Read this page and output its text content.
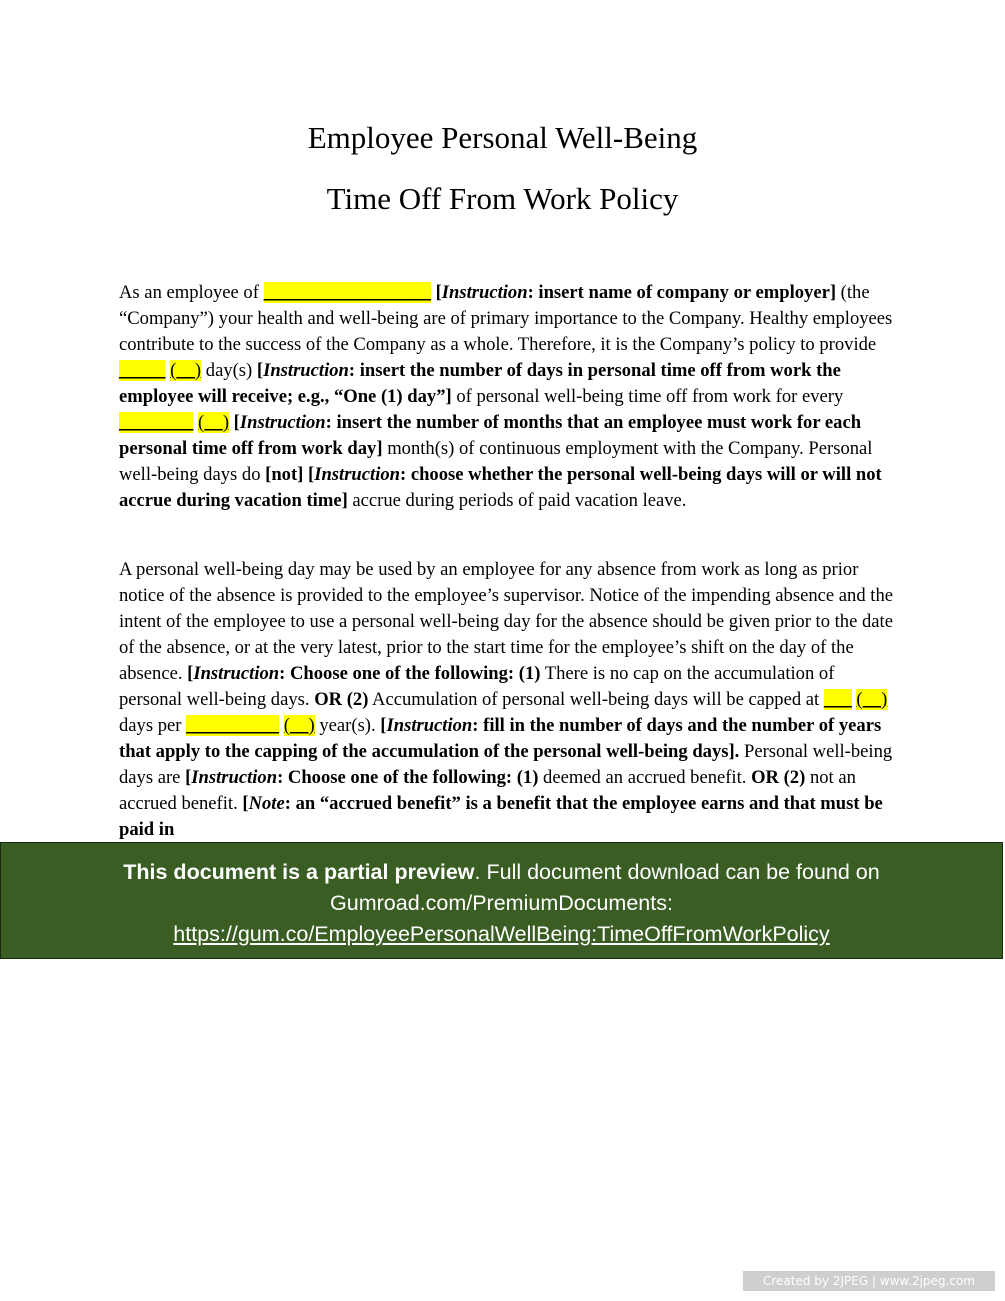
Employee Personal Well-Being
Time Off From Work Policy

As an employee of __________________ [Instruction: insert name of company or employer] (the “Company”) your health and well-being are of primary importance to the Company. Healthy employees contribute to the success of the Company as a whole. Therefore, it is the Company’s policy to provide _____ (__) day(s) [Instruction: insert the number of days in personal time off from work the employee will receive; e.g., “One (1) day”] of personal well-being time off from work for every ________ (__) [Instruction: insert the number of months that an employee must work for each personal time off from work day] month(s) of continuous employment with the Company. Personal well-being days do [not] [Instruction: choose whether the personal well-being days will or will not accrue during vacation time] accrue during periods of paid vacation leave.

A personal well-being day may be used by an employee for any absence from work as long as prior notice of the absence is provided to the employee’s supervisor. Notice of the impending absence and the intent of the employee to use a personal well-being day for the absence should be given prior to the date of the absence, or at the very latest, prior to the start time for the employee’s shift on the day of the absence. [Instruction: Choose one of the following: (1) There is no cap on the accumulation of personal well-being days. OR (2) Accumulation of personal well-being days will be capped at ___ (__) days per __________ (__) year(s). [Instruction: fill in the number of days and the number of years that apply to the capping of the accumulation of the personal well-being days]. Personal well-being days are [Instruction: Choose one of the following: (1) deemed an accrued benefit. OR (2) not an accrued benefit. [Note: an “accrued benefit” is a benefit that the employee earns and that must be paid in

This document is a partial preview. Full document download can be found on Gumroad.com/PremiumDocuments:
https://gum.co/EmployeePersonalWellBeing:TimeOffFromWorkPolicy
Created by 2JPEG | www.2jpeg.com
